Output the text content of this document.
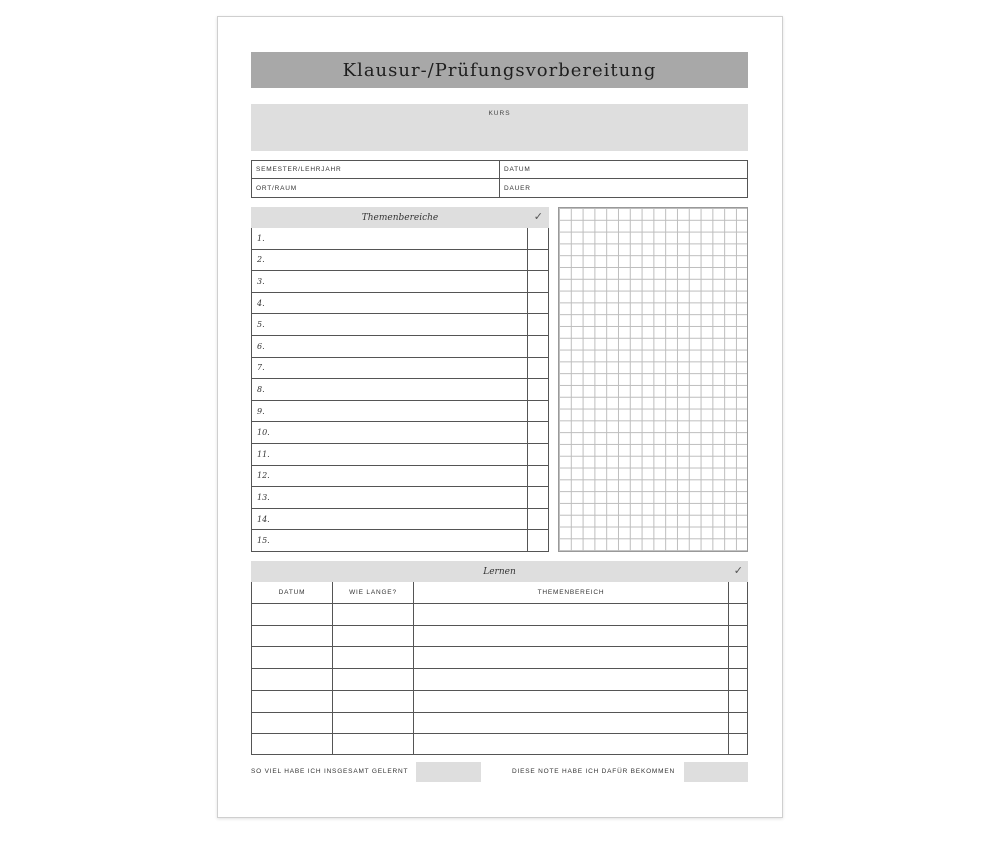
Klausur-/Prüfungsvorbereitung
KURS
SEMESTER/LEHRJAHR	DATUM
ORT/RAUM	DAUER
Themenbereiche	✓
1.
2.
3.
4.
5.
6.
7.
8.
9.
10.
11.
12.
13.
14.
15.
Lernen	✓
DATUM	WIE LANGE?	THEMENBEREICH
SO VIEL HABE ICH INSGESAMT GELERNT	DIESE NOTE HABE ICH DAFÜR BEKOMMEN
